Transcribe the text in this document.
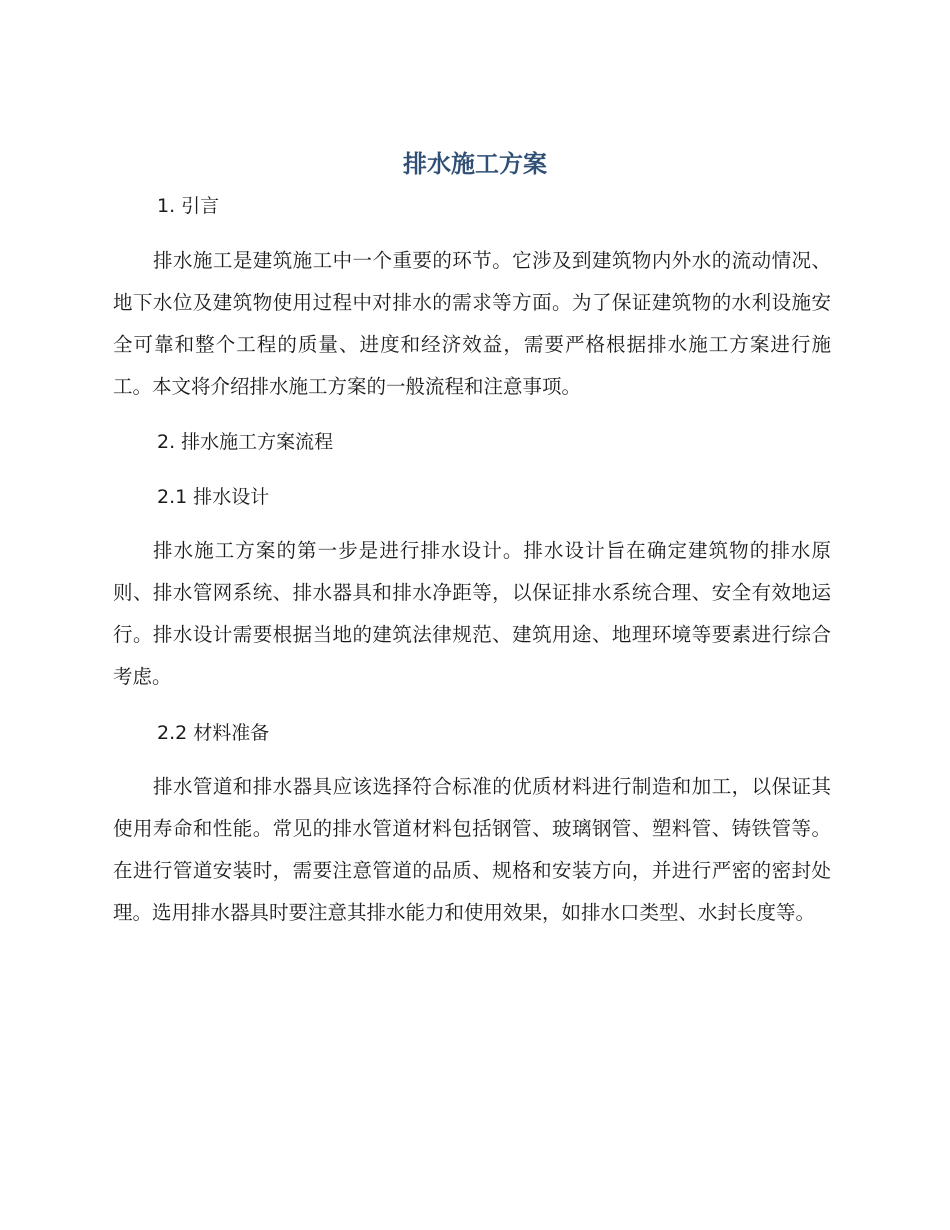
排水施工方案
1. 引言

排水施工是建筑施工中一个重要的环节。它涉及到建筑物内外水的流动情况、地下水位及建筑物使用过程中对排水的需求等方面。为了保证建筑物的水利设施安全可靠和整个工程的质量、进度和经济效益，需要严格根据排水施工方案进行施工。本文将介绍排水施工方案的一般流程和注意事项。

2. 排水施工方案流程
2.1 排水设计

排水施工方案的第一步是进行排水设计。排水设计旨在确定建筑物的排水原则、排水管网系统、排水器具和排水净距等，以保证排水系统合理、安全有效地运行。排水设计需要根据当地的建筑法律规范、建筑用途、地理环境等要素进行综合考虑。

2.2 材料准备

排水管道和排水器具应该选择符合标准的优质材料进行制造和加工，以保证其使用寿命和性能。常见的排水管道材料包括钢管、玻璃钢管、塑料管、铸铁管等。在进行管道安装时，需要注意管道的品质、规格和安装方向，并进行严密的密封处理。选用排水器具时要注意其排水能力和使用效果，如排水口类型、水封长度等。
